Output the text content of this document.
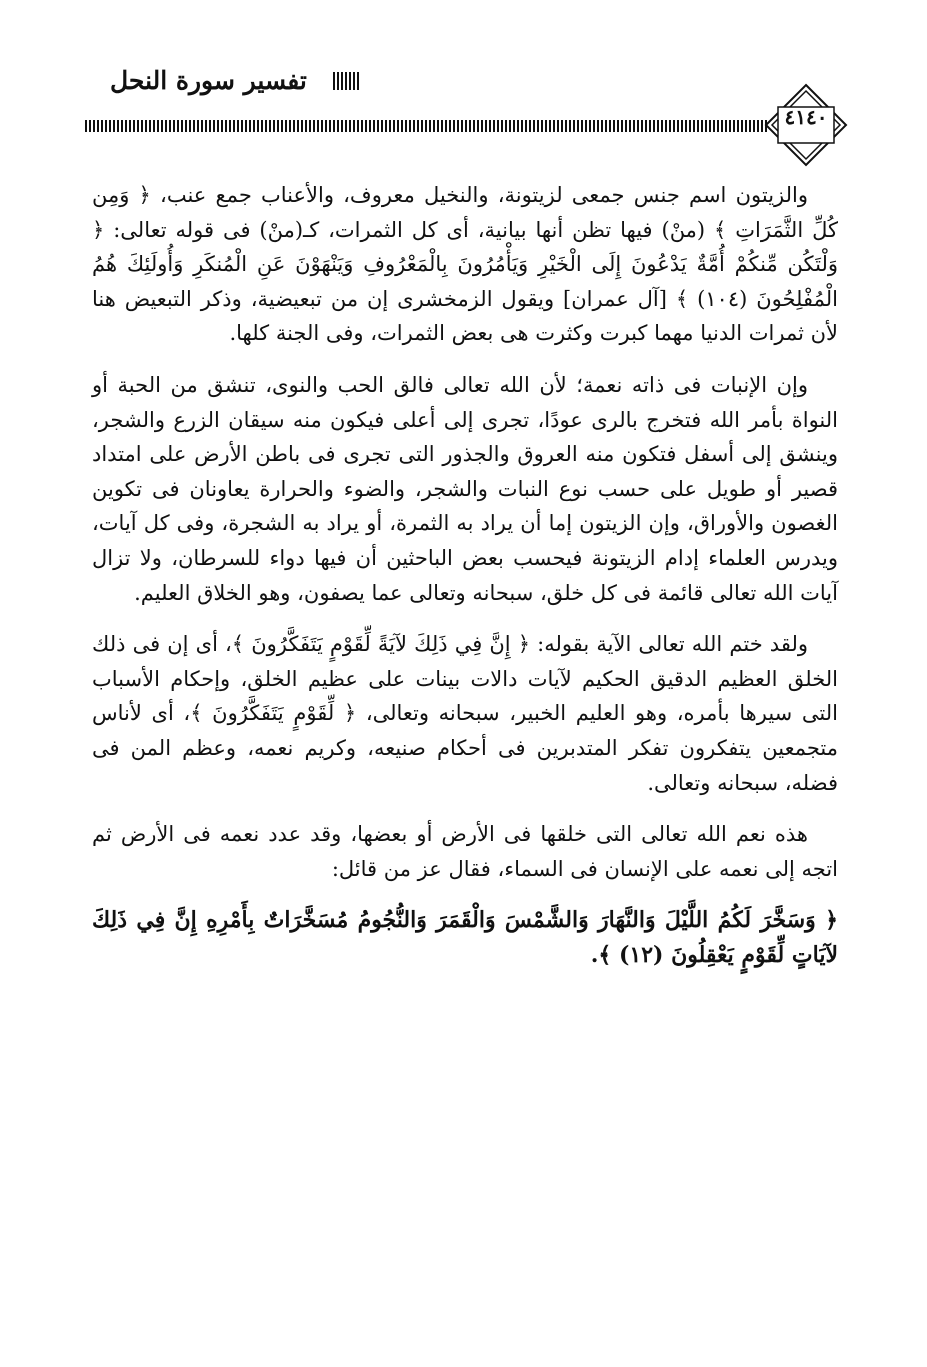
تفسير سورة النحل
٤١٤٠

والزيتون اسم جنس جمعى لزيتونة، والنخيل معروف، والأعناب جمع عنب، ﴿ وَمِن كُلِّ الثَّمَرَاتِ ﴾ (منْ) فيها تظن أنها بيانية، أى كل الثمرات، كـ(منْ) فى قوله تعالى: ﴿ وَلْتَكُن مِّنكُمْ أُمَّةٌ يَدْعُونَ إِلَى الْخَيْرِ وَيَأْمُرُونَ بِالْمَعْرُوفِ وَيَنْهَوْنَ عَنِ الْمُنكَرِ وَأُولَئِكَ هُمُ الْمُفْلِحُونَ (١٠٤) ﴾ [آل عمران] ويقول الزمخشرى إن من تبعيضية، وذكر التبعيض هنا لأن ثمرات الدنيا مهما كبرت وكثرت هى بعض الثمرات، وفى الجنة كلها.

وإن الإنبات فى ذاته نعمة؛ لأن الله تعالى فالق الحب والنوى، تنشق من الحبة أو النواة بأمر الله فتخرج بالرى عودًا، تجرى إلى أعلى فيكون منه سيقان الزرع والشجر، وينشق إلى أسفل فتكون منه العروق والجذور التى تجرى فى باطن الأرض على امتداد قصير أو طويل على حسب نوع النبات والشجر، والضوء والحرارة يعاونان فى تكوين الغصون والأوراق، وإن الزيتون إما أن يراد به الثمرة، أو يراد به الشجرة، وفى كل آيات، ويدرس العلماء إدام الزيتونة فيحسب بعض الباحثين أن فيها دواء للسرطان، ولا تزال آيات الله تعالى قائمة فى كل خلق، سبحانه وتعالى عما يصفون، وهو الخلاق العليم.

ولقد ختم الله تعالى الآية بقوله: ﴿ إِنَّ فِي ذَلِكَ لآيَةً لِّقَوْمٍ يَتَفَكَّرُونَ ﴾، أى إن فى ذلك الخلق العظيم الدقيق الحكيم لآيات دالات بينات على عظيم الخلق، وإحكام الأسباب التى سيرها بأمره، وهو العليم الخبير، سبحانه وتعالى، ﴿ لِّقَوْمٍ يَتَفَكَّرُونَ ﴾، أى لأناس متجمعين يتفكرون تفكر المتدبرين فى أحكام صنيعه، وكريم نعمه، وعظم المن فى فضله، سبحانه وتعالى.

هذه نعم الله تعالى التى خلقها فى الأرض أو بعضها، وقد عدد نعمه فى الأرض ثم اتجه إلى نعمه على الإنسان فى السماء، فقال عز من قائل:

﴿ وَسَخَّرَ لَكُمُ اللَّيْلَ وَالنَّهَارَ وَالشَّمْسَ وَالْقَمَرَ وَالنُّجُومُ مُسَخَّرَاتٌ بِأَمْرِهِ إِنَّ فِي ذَلِكَ لآيَاتٍ لِّقَوْمٍ يَعْقِلُونَ (١٢) ﴾.
